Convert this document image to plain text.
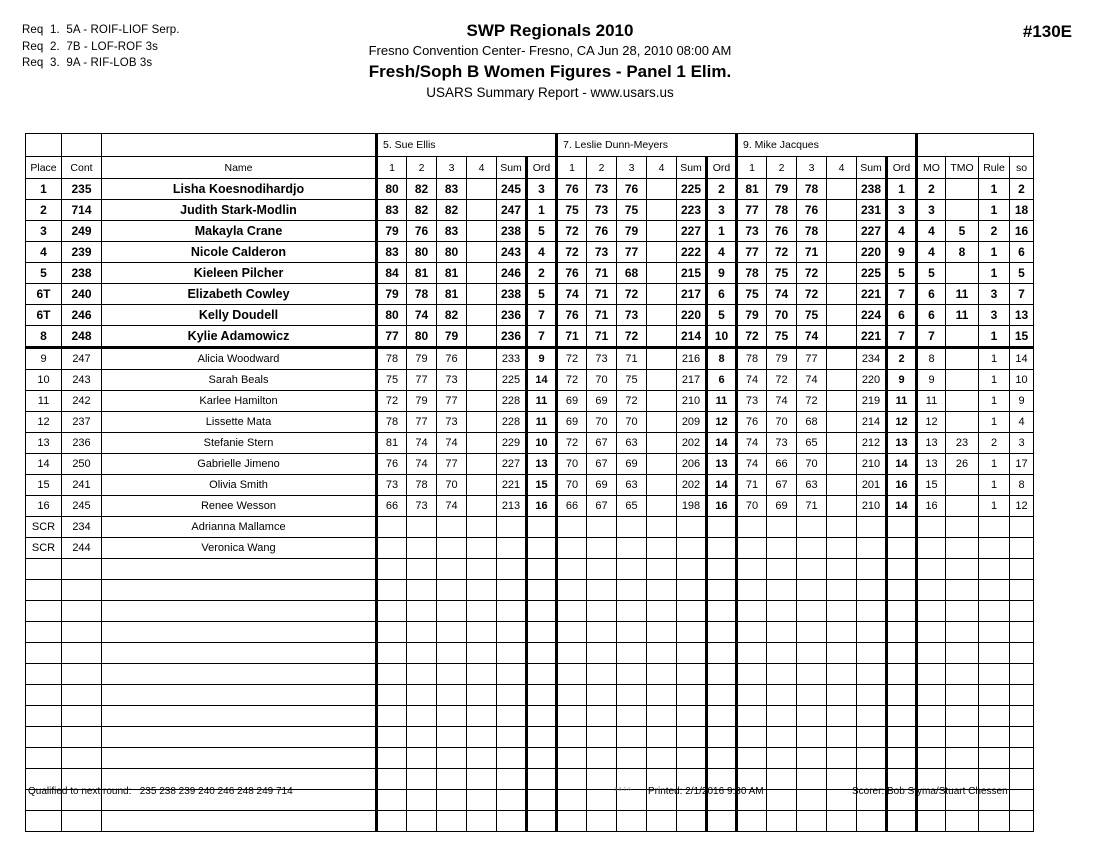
Req  1.  5A - ROIF-LIOF Serp.
Req  2.  7B - LOF-ROF 3s
Req  3.  9A - RIF-LOB 3s
SWP Regionals 2010
Fresno Convention Center- Fresno, CA Jun 28, 2010 08:00 AM
Fresh/Soph B Women Figures - Panel 1 Elim.
USARS Summary Report - www.usars.us
#130E
			5. Sue Ellis						7. Leslie Dunn-Meyers						9. Mike Jacques									
Place	Cont	Name	1	2	3	4	Sum	Ord	1	2	3	4	Sum	Ord	1	2	3	4	Sum	Ord	MO	TMO	Rule	so
1	235	Lisha Koesnodihardjo	80	82	83		245	3	76	73	76		225	2	81	79	78		238	1	2		1	2
2	714	Judith Stark-Modlin	83	82	82		247	1	75	73	75		223	3	77	78	76		231	3	3		1	18
3	249	Makayla Crane	79	76	83		238	5	72	76	79		227	1	73	76	78		227	4	4	5	2	16
4	239	Nicole Calderon	83	80	80		243	4	72	73	77		222	4	77	72	71		220	9	4	8	1	6
5	238	Kieleen Pilcher	84	81	81		246	2	76	71	68		215	9	78	75	72		225	5	5		1	5
6T	240	Elizabeth Cowley	79	78	81		238	5	74	71	72		217	6	75	74	72		221	7	6	11	3	7
6T	246	Kelly Doudell	80	74	82		236	7	76	71	73		220	5	79	70	75		224	6	6	11	3	13
8	248	Kylie Adamowicz	77	80	79		236	7	71	71	72		214	10	72	75	74		221	7	7		1	15
9	247	Alicia Woodward	78	79	76		233	9	72	73	71		216	8	78	79	77		234	2	8		1	14
10	243	Sarah Beals	75	77	73		225	14	72	70	75		217	6	74	72	74		220	9	9		1	10
11	242	Karlee Hamilton	72	79	77		228	11	69	69	72		210	11	73	74	72		219	11	11		1	9
12	237	Lissette Mata	78	77	73		228	11	69	70	70		209	12	76	70	68		214	12	12		1	4
13	236	Stefanie Stern	81	74	74		229	10	72	67	63		202	14	74	73	65		212	13	13	23	2	3
14	250	Gabrielle Jimeno	76	74	77		227	13	70	67	69		206	13	74	66	70		210	14	13	26	1	17
15	241	Olivia Smith	73	78	70		221	15	70	69	63		202	14	71	67	63		201	16	15		1	8
16	245	Renee Wesson	66	73	74		213	16	66	67	65		198	16	70	69	71		210	14	16		1	12
SCR	234	Adrianna Mallamce																						
SCR	244	Veronica Wang																						

Qualified to next round: 235 238 239 240 246 248 249 714	3.8.1.6 Printed: 2/1/2016 9:30 AM	Scorer: Bob Styma/Stuart Chessen
